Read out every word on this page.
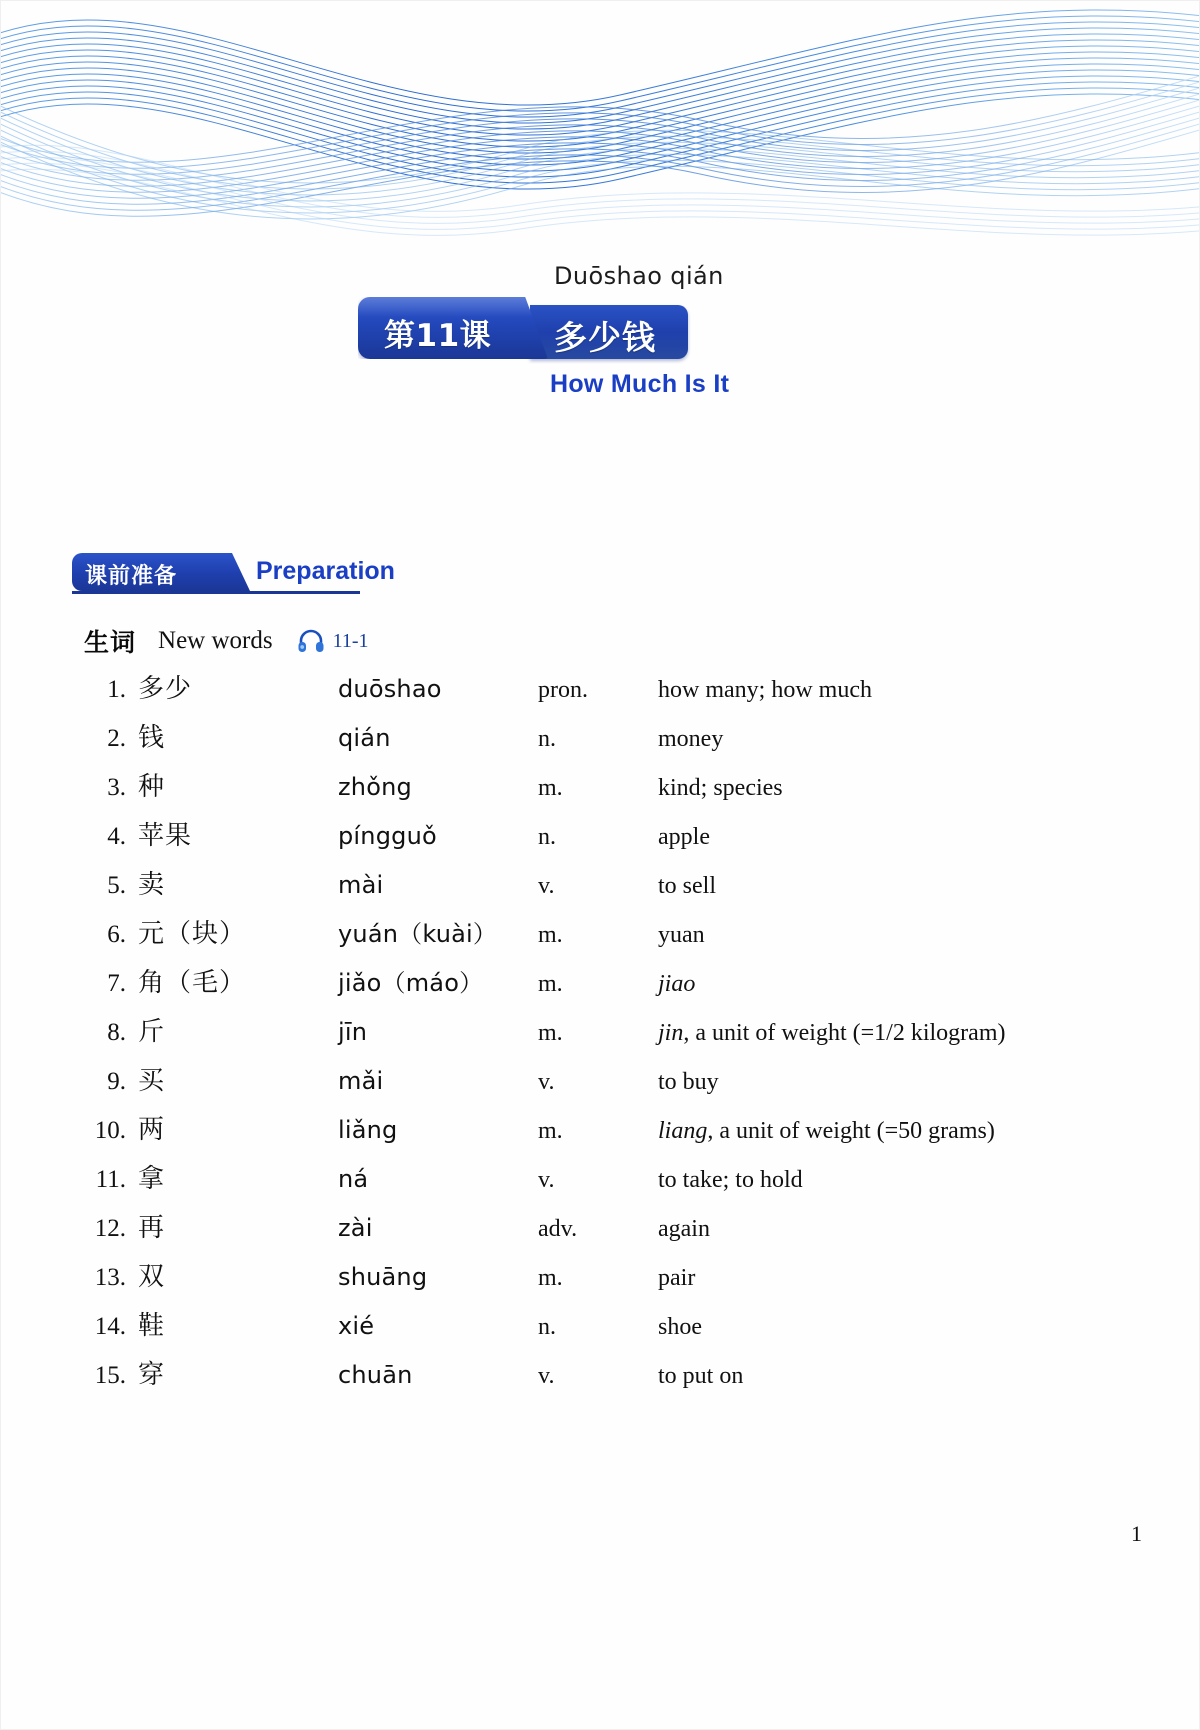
Duōshao qián
第11课 多少钱
How Much Is It
课前准备	Preparation
生词 New words	11-1
1. 多少	duōshao	pron.	how many; how much
2. 钱	qián	n.	money
3. 种	zhǒng	m.	kind; species
4. 苹果	píngguǒ	n.	apple
5. 卖	mài	v.	to sell
6. 元（块）	yuán（kuài）	m.	yuan
7. 角（毛）	jiǎo（máo）	m.	jiao
8. 斤	jīn	m.	jin, a unit of weight (=1/2 kilogram)
9. 买	mǎi	v.	to buy
10. 两	liǎng	m.	liang, a unit of weight (=50 grams)
11. 拿	ná	v.	to take; to hold
12. 再	zài	adv.	again
13. 双	shuāng	m.	pair
14. 鞋	xié	n.	shoe
15. 穿	chuān	v.	to put on
1
